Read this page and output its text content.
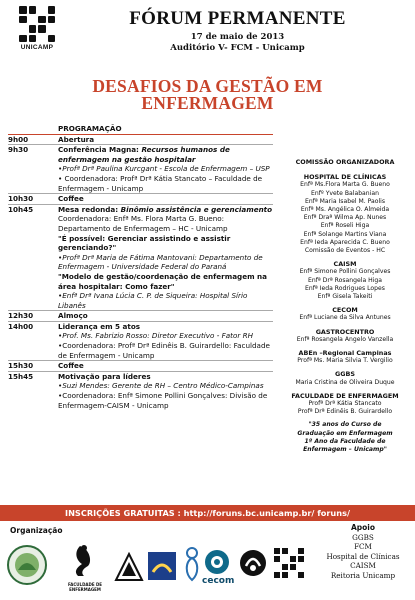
UNICAMP
FÓRUM PERMANENTE
17 de maio de 2013
Auditório V- FCM - Unicamp
DESAFIOS DA GESTÃO EM
ENFERMAGEM
PROGRAMAÇÃO
9h00	Abertura
9h30	Conferência Magna: Recursos humanos de enfermagem na gestão hospitalar
•Profª Drª Paulina Kurcgant - Escola de Enfermagem – USP
• Coordenadora: Profª Drª Kátia Stancato – Faculdade de Enfermagem - Unicamp
10h30	Coffee
10h45	Mesa redonda: Binômio assistência e gerenciamento
Coordenadora: Enfª Ms. Flora Marta G. Bueno: Departamento de Enfermagem – HC - Unicamp
"É possível: Gerenciar assistindo e assistir gerenciando?"
•Profª Drª Maria de Fátima Mantovani: Departamento de Enfermagem - Universidade Federal do Paraná
"Modelo de gestão/coordenação de enfermagem na área hospitalar: Como fazer"
•Enfª Drª Ivana Lúcia C. P. de Siqueira: Hospital Sírio Libanês
12h30	Almoço
14h00	Liderança em 5 atos
•Prof. Ms. Fabrizio Rosso: Diretor Executivo - Fator RH
•Coordenadora: Profª Drª Edinêis B. Guirardello: Faculdade de Enfermagem - Unicamp
15h30	Coffee
15h45	Motivação para líderes
•Suzi Mendes: Gerente de RH – Centro Médico-Campinas
•Coordenadora: Enfª Simone Pollini Gonçalves: Divisão de Enfermagem-CAISM - Unicamp
COMISSÃO ORGANIZADORA
HOSPITAL DE CLÍNICAS
Enfª Ms.Flora Marta G. Bueno
Enfº Yvete Balabanian
Enfª Maria Isabel M. Paolis
Enfª Ms. Angélica O. Almeida
Enfª Draª Wilma Ap. Nunes
Enfª Roseli Higa
Enfª Solange Martins Viana
Enfª Ieda Aparecida C. Bueno
Comissão de Eventos - HC
CAISM
Enfª Simone Pollini Gonçalves
Enfª Drª Rosangela Higa
Enfª Ieda Rodrigues Lopes
Enfª Gisela Takeiti
CECOM
Enfª Luciane da Silva Antunes
GASTROCENTRO
Enfª Rosangela Angelo Vanzella
ABEn –Regional Campinas
Profª Ms. Maria Silvia T. Vergilio
GGBS
Maria Cristina de Oliveira Duque
FACULDADE DE ENFERMAGEM
Profª Drª Kátia Stancato
Profª Drª Edinêis B. Guirardello
"35 anos do Curso de
Graduação em Enfermagem
1º Ano da Faculdade de
Enfermagem – Unicamp"
INSCRIÇÕES GRATUITAS : http://foruns.bc.unicamp.br/ foruns/
Organização
FACULDADE DE ENFERMAGEM
cecom
Apoio
GGBS
FCM
Hospital de Clínicas
CAISM
Reitoria Unicamp
